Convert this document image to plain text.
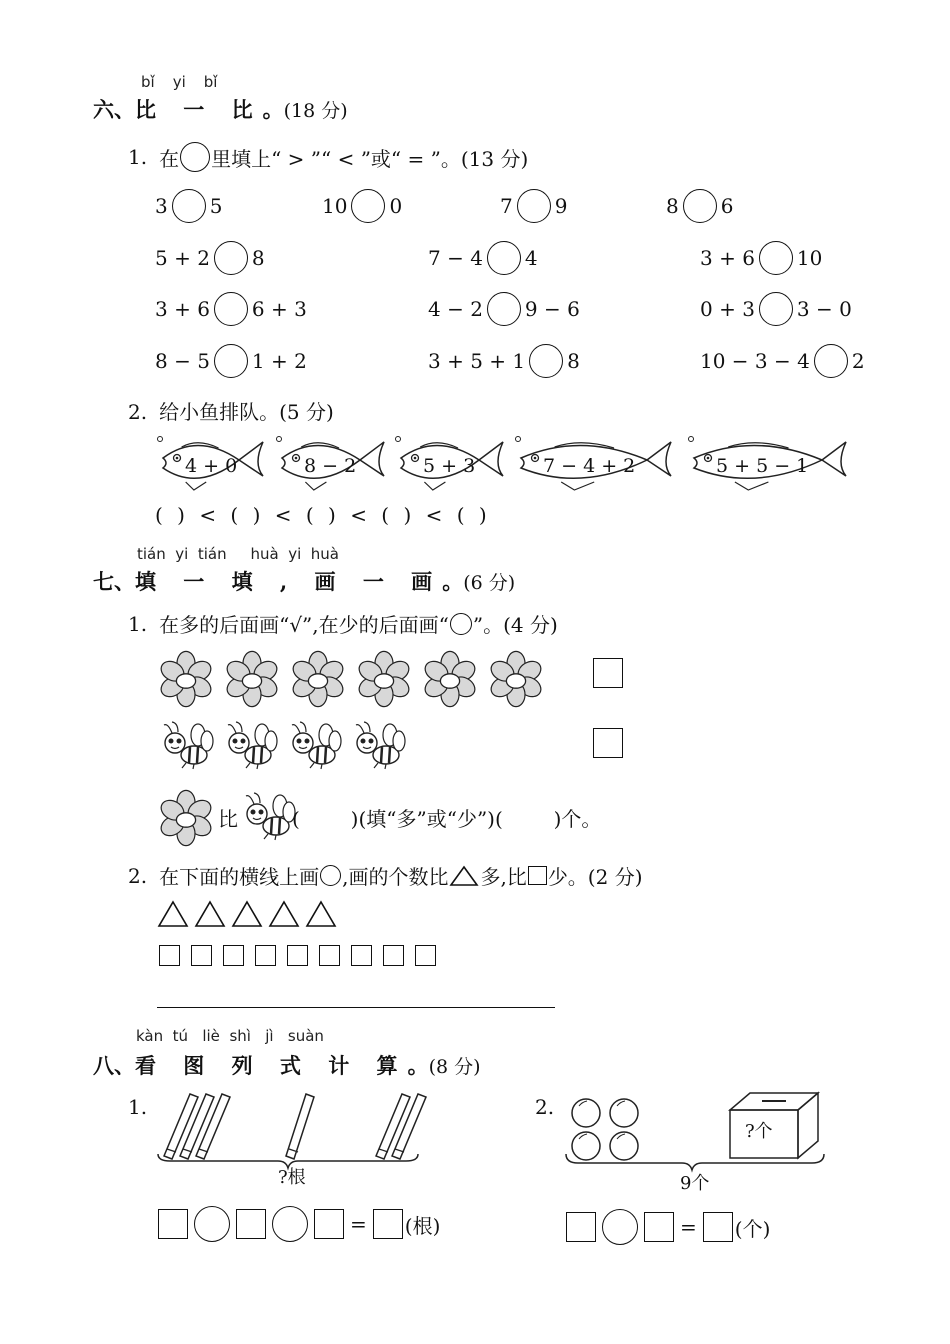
bǐ yi bǐ
六、比 一 比。(18 分)
1. 在 里填上“ > ”“ < ”或“ = ”。(13 分)
3 5	10 0	7 9	8 6
5 + 2 8	7 − 4 4	3 + 6 10
3 + 6 6 + 3	4 − 2 9 − 6	0 + 3 3 − 0
8 − 5 1 + 2	3 + 5 + 1 8	10 − 3 − 4 2
2. 给小鱼排队。(5 分)
4 + 0	8 − 2	5 + 3	7 − 4 + 2	5 + 5 − 1
( ) < ( ) < ( ) < ( ) < ( )
tián  yi  tián     huà  yi  huà
七、填 一 填 , 画 一 画。(6 分)
1. 在多的后面画“√”,在少的后面画“ ”。(4 分)
比	(        )(填“多”或“少”)(        )个。
2. 在下面的横线上画 ,画的个数比 多,比 少。(2 分)
kàn  tú   liè  shì   jì   suàn
八、看 图 列 式 计 算。(8 分)
1.
?根
= (根)
2.
?个
9个
= (个)
